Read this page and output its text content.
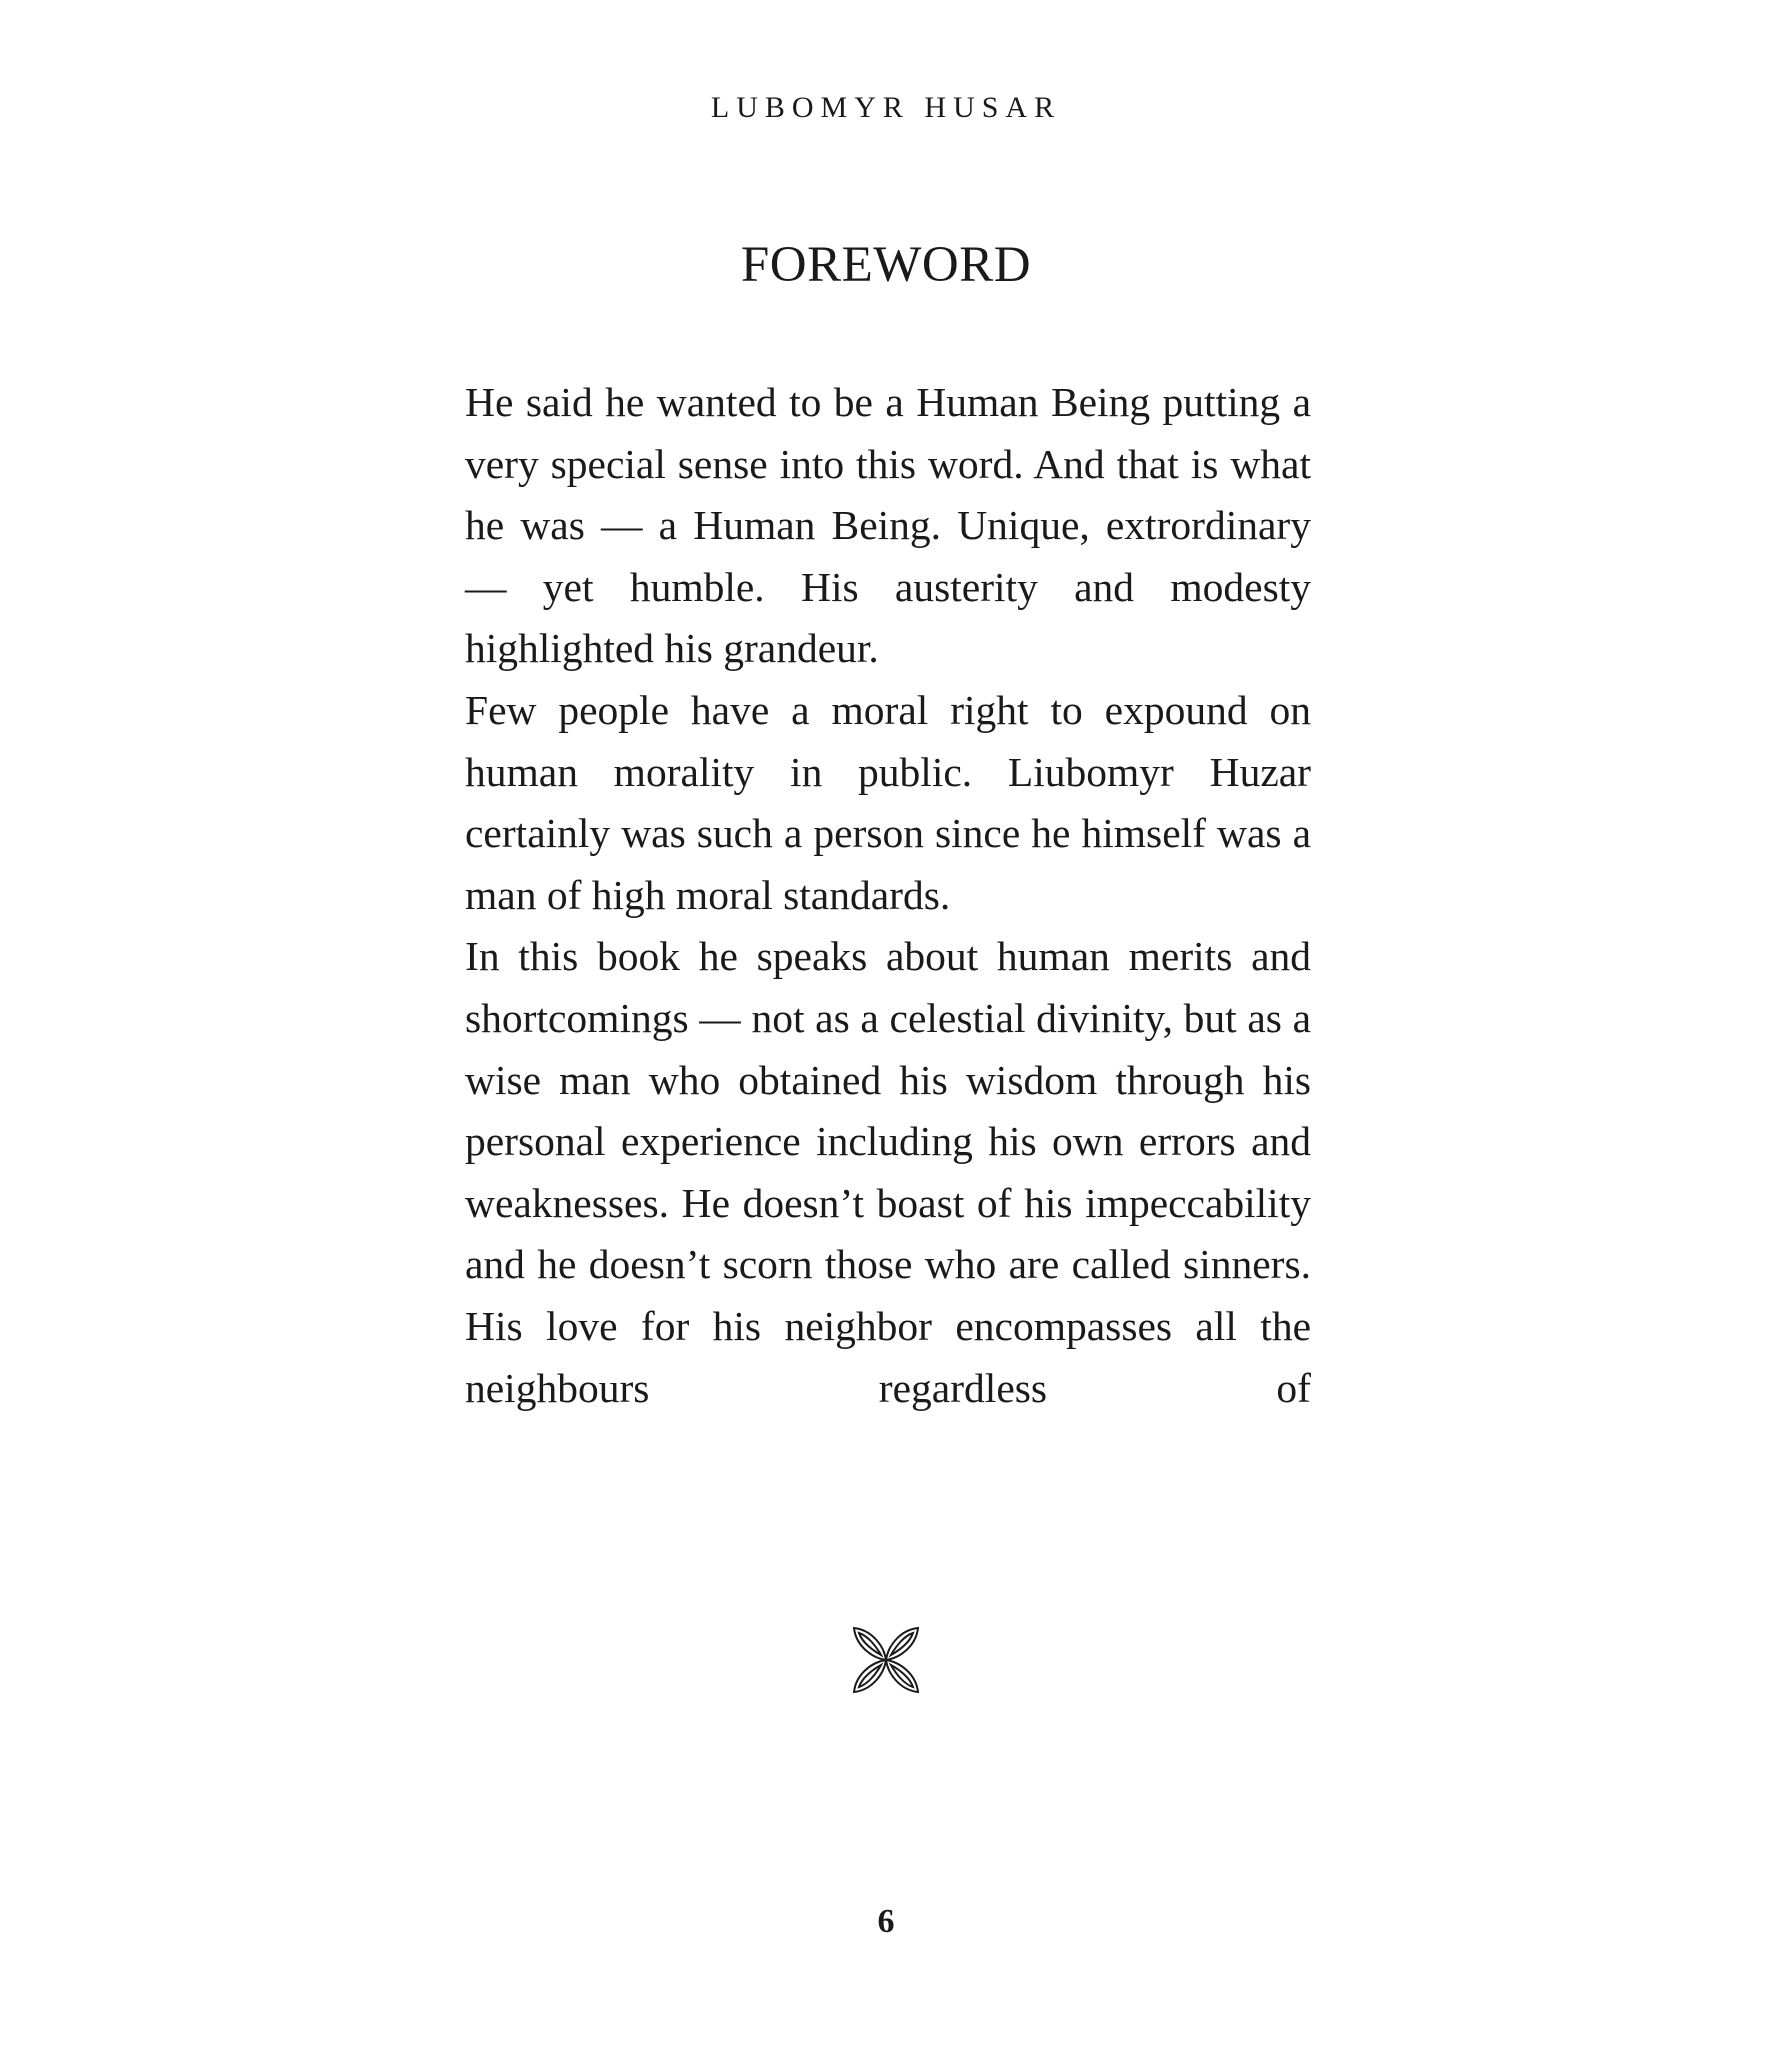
LUBOMYR HUSAR
FOREWORD

He said he wanted to be a Human Being putting a very special sense into this word. And that is what he was — a Human Being. Unique, extrordinary — yet humble. His austerity and modesty highlighted his grandeur.

Few people have a moral right to expound on human morality in public. Liubomyr Huzar certainly was such a person since he himself was a man of high moral standards.

In this book he speaks about human merits and shortcomings — not as a celestial divinity, but as a wise man who obtained his wisdom through his personal experience including his own errors and weaknesses. He doesn’t boast of his impeccability and he doesn’t scorn those who are called sinners. His love for his neighbor encompasses all the neighbours regardless of

6
